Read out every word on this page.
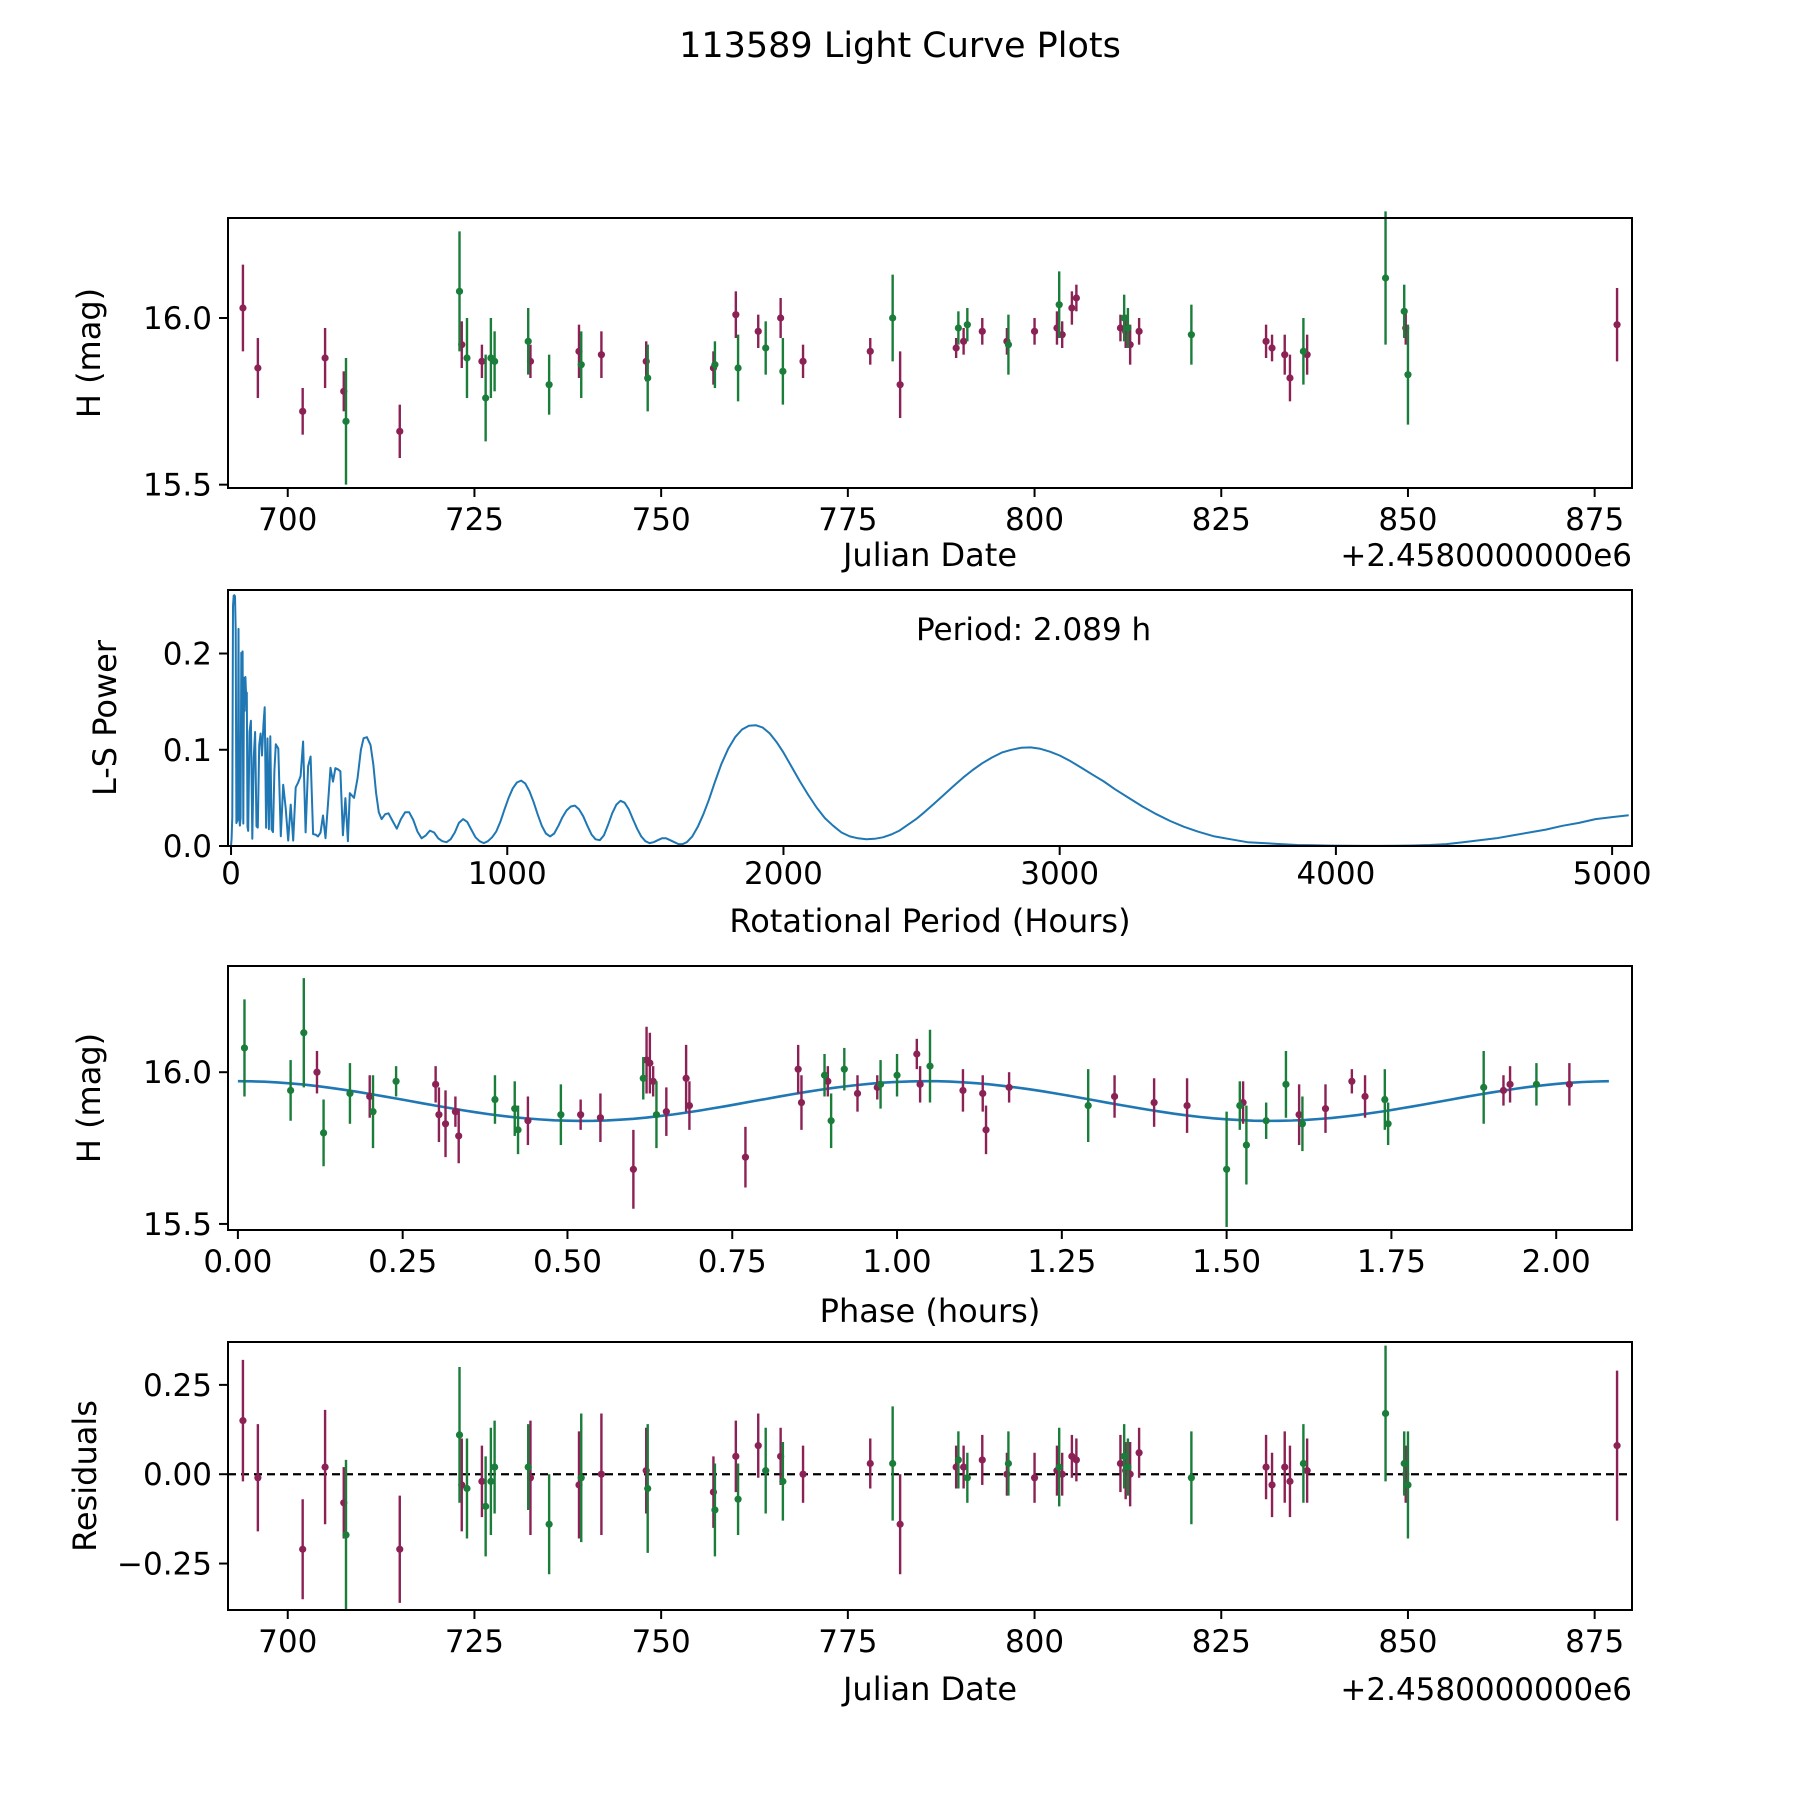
113589 Light Curve Plots
700	725	750	775	800	825	850	875
15.5
16.0
Julian Date	+2.4580000000e6
H (mag)
0	1000	2000	3000	4000	5000
0.0
0.1
0.2
Rotational Period (Hours)
L-S Power
Period: 2.089 h
0.00	0.25	0.50	0.75	1.00	1.25	1.50	1.75	2.00
15.5
16.0
Phase (hours)
H (mag)
700	725	750	775	800	825	850	875
−0.25
0.00
0.25
Julian Date	+2.4580000000e6
Residuals
